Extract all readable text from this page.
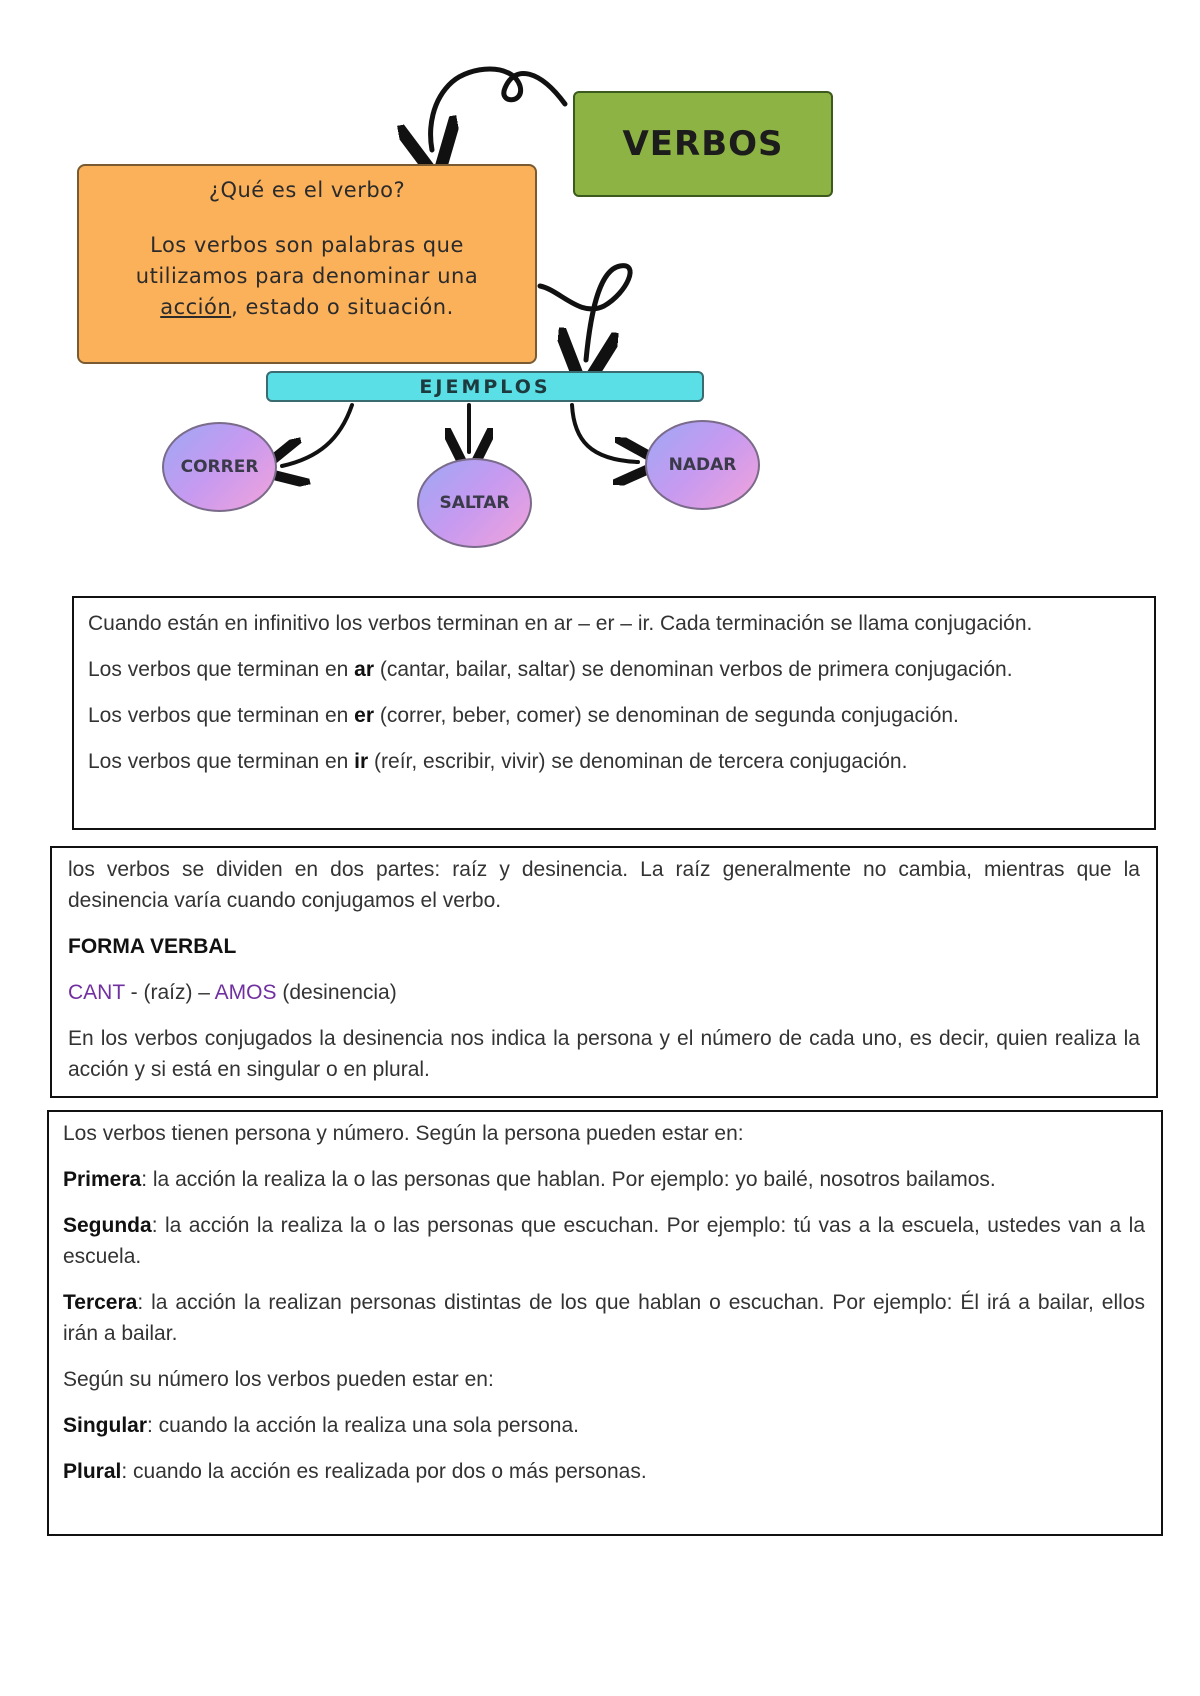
VERBOS
¿Qué es el verbo?
Los verbos son palabras que
utilizamos para denominar una
acción, estado o situación.
EJEMPLOS
CORRER
SALTAR
NADAR

Cuando están en infinitivo los verbos terminan en ar – er – ir. Cada terminación se llama conjugación.

Los verbos que terminan en ar (cantar, bailar, saltar) se denominan verbos de primera conjugación.

Los verbos que terminan en er (correr, beber, comer) se denominan de segunda conjugación.

Los verbos que terminan en ir (reír, escribir, vivir) se denominan de tercera conjugación.

los verbos se dividen en dos partes: raíz y desinencia. La raíz generalmente no cambia, mientras que la desinencia varía cuando conjugamos el verbo.

FORMA VERBAL

CANT - (raíz) – AMOS (desinencia)

En los verbos conjugados la desinencia nos indica la persona y el número de cada uno, es decir, quien realiza la acción y si está en singular o en plural.

Los verbos tienen persona y número. Según la persona pueden estar en:

Primera: la acción la realiza la o las personas que hablan. Por ejemplo: yo bailé, nosotros bailamos.

Segunda: la acción la realiza la o las personas que escuchan. Por ejemplo: tú vas a la escuela, ustedes van a la escuela.

Tercera: la acción la realizan personas distintas de los que hablan o escuchan. Por ejemplo: Él irá a bailar, ellos irán a bailar.

Según su número los verbos pueden estar en:

Singular: cuando la acción la realiza una sola persona.

Plural: cuando la acción es realizada por dos o más personas.
